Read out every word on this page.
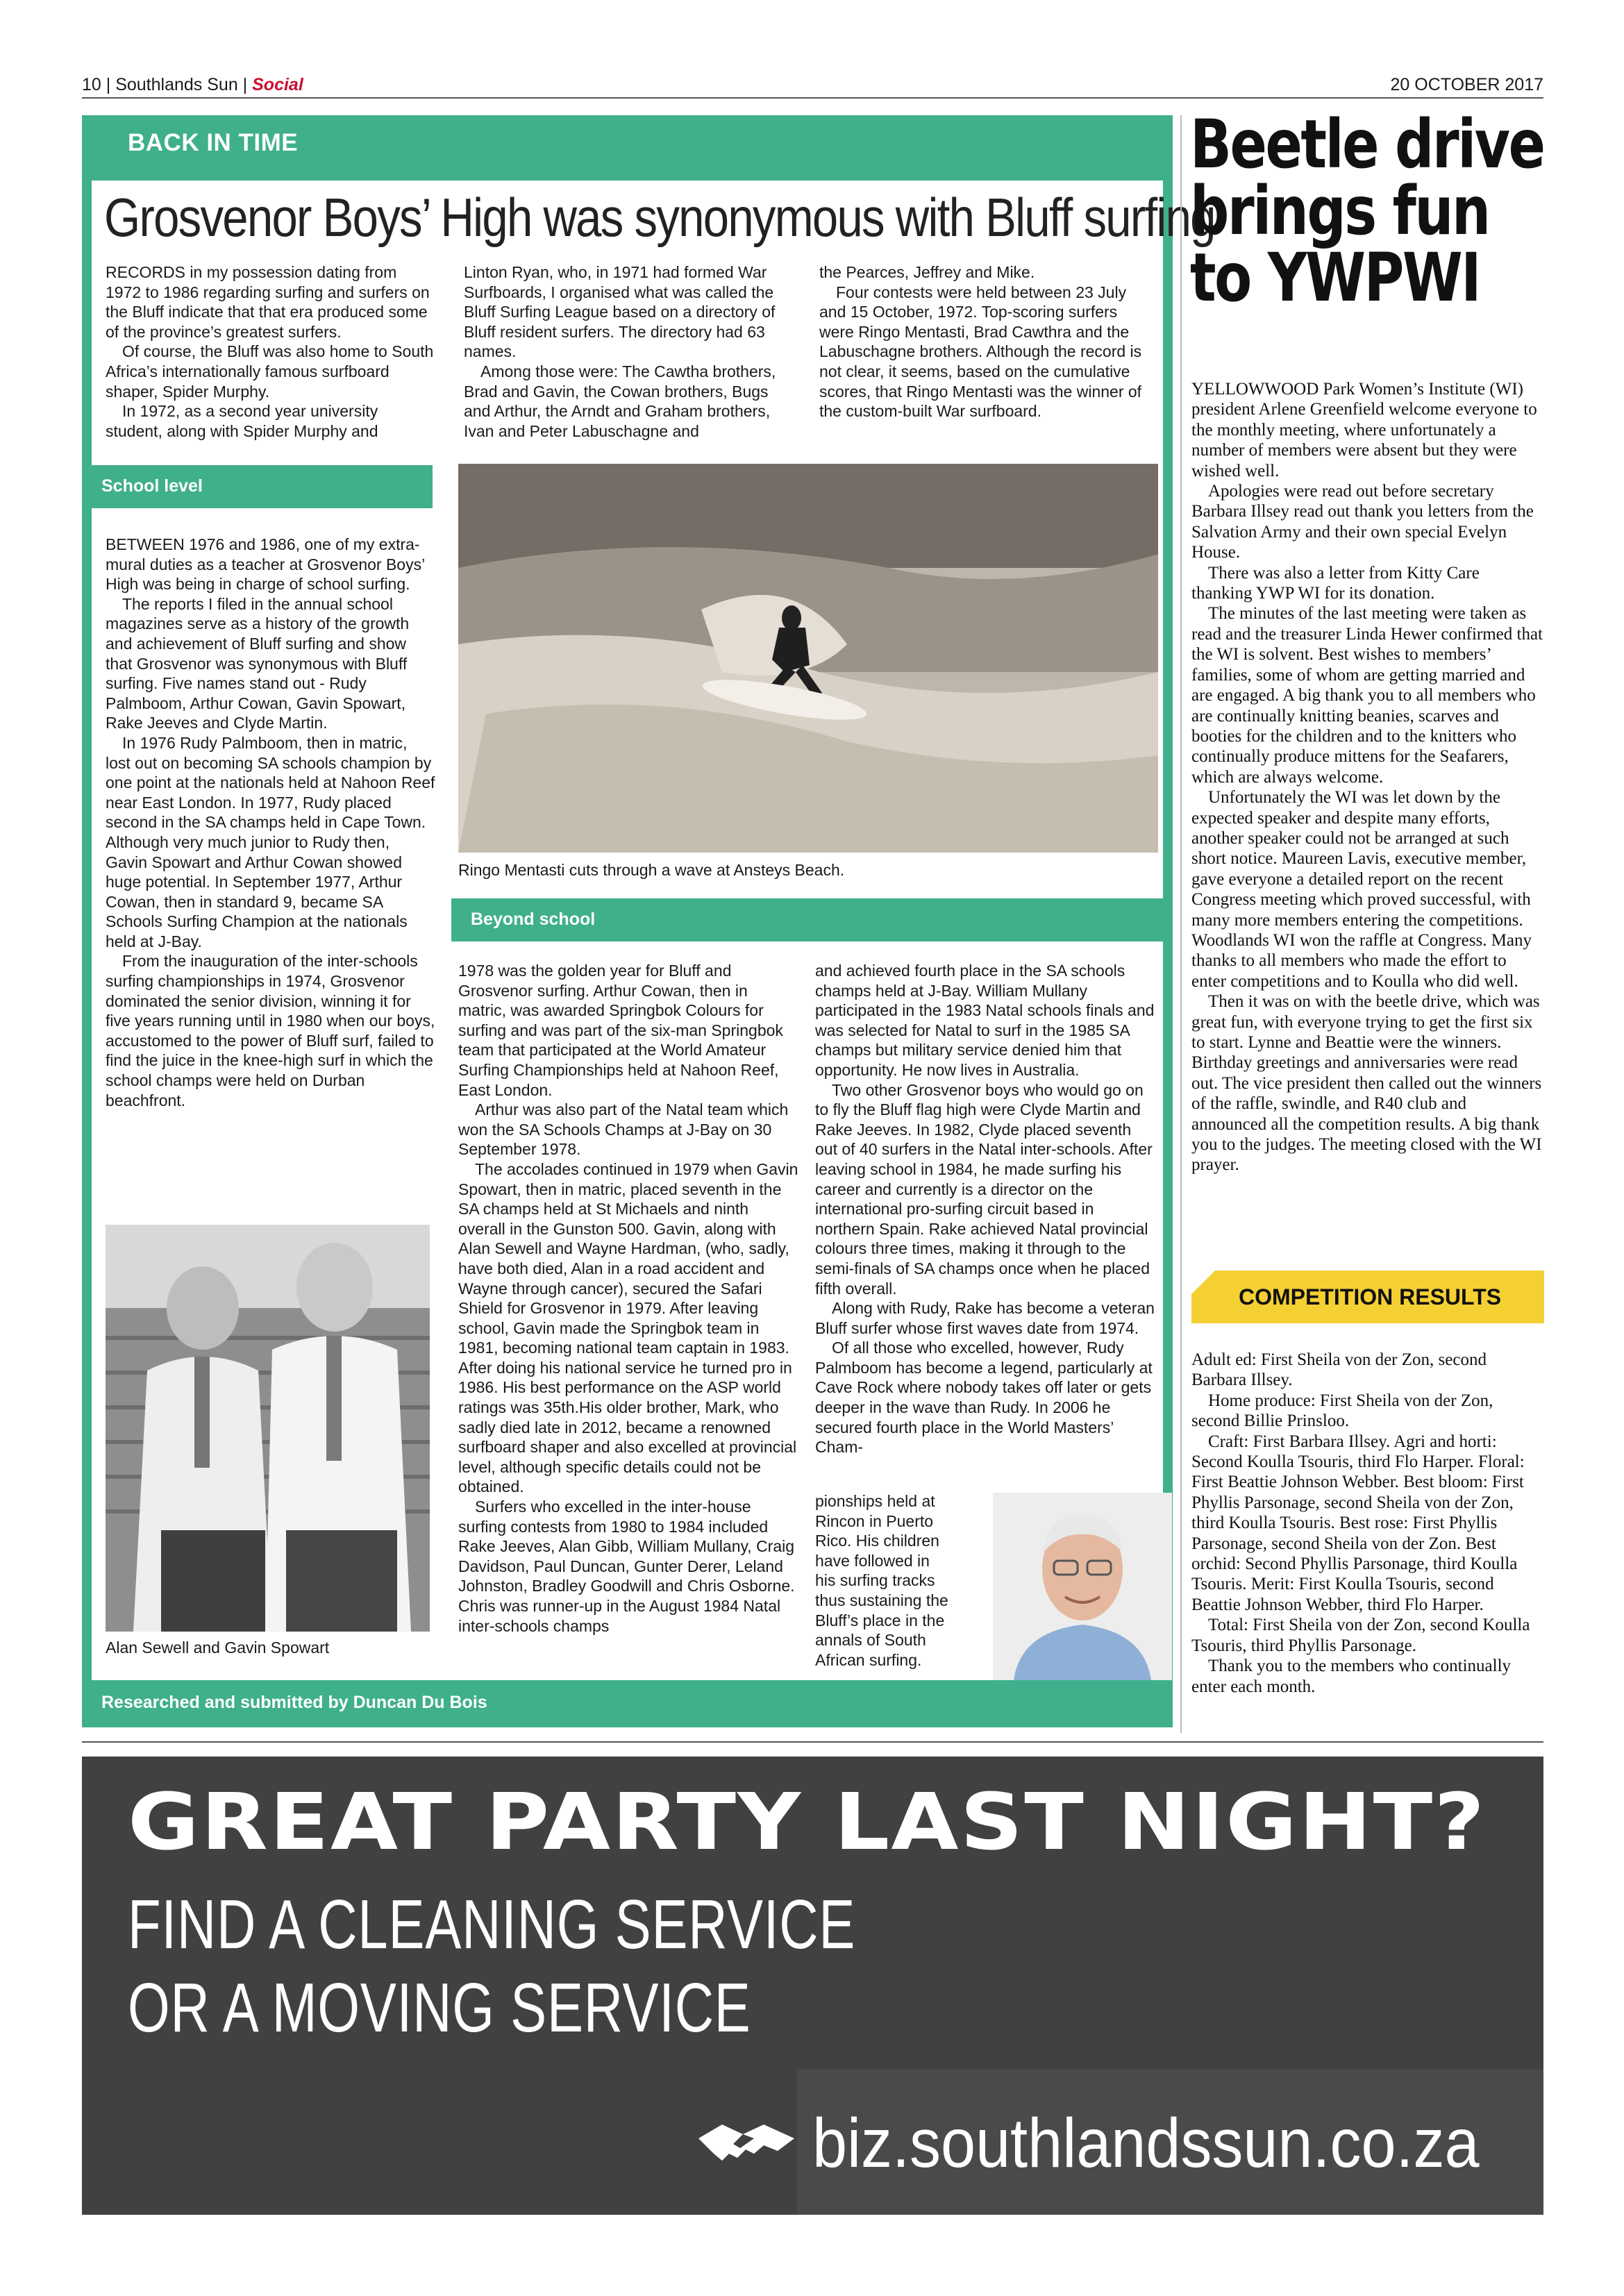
10 | Southlands Sun | Social	20 OCTOBER 2017
BACK IN TIME
Grosvenor Boys’ High was synonymous with Bluff surfing

RECORDS in my possession dating from 1972 to 1986 regarding surfing and surfers on the Bluff indicate that that era produced some of the province’s greatest surfers.

Of course, the Bluff was also home to South Africa’s internationally famous surfboard shaper, Spider Murphy.

In 1972, as a second year university student, along with Spider Murphy and

Linton Ryan, who, in 1971 had formed War Surfboards, I organised what was called the Bluff Surfing League based on a directory of Bluff resident surfers. The directory had 63 names.

Among those were: The Cawtha brothers, Brad and Gavin, the Cowan brothers, Bugs and Arthur, the Arndt and Graham brothers, Ivan and Peter Labuschagne and

the Pearces, Jeffrey and Mike.

Four contests were held between 23 July and 15 October, 1972. Top-scoring surfers were Ringo Mentasti, Brad Cawthra and the Labuschagne brothers. Although the record is not clear, it seems, based on the cumulative scores, that Ringo Mentasti was the winner of the custom-built War surfboard.

School level

BETWEEN 1976 and 1986, one of my extra-mural duties as a teacher at Grosvenor Boys’ High was being in charge of school surfing.

The reports I filed in the annual school magazines serve as a history of the growth and achievement of Bluff surfing and show that Grosvenor was synonymous with Bluff surfing. Five names stand out - Rudy Palmboom, Arthur Cowan, Gavin Spowart, Rake Jeeves and Clyde Martin.

In 1976 Rudy Palmboom, then in matric, lost out on becoming SA schools champion by one point at the nationals held at Nahoon Reef near East London. In 1977, Rudy placed second in the SA champs held in Cape Town. Although very much junior to Rudy then, Gavin Spowart and Arthur Cowan showed huge potential. In September 1977, Arthur Cowan, then in standard 9, became SA Schools Surfing Champion at the nationals held at J-Bay.

From the inauguration of the inter-schools surfing championships in 1974, Grosvenor dominated the senior division, winning it for five years running until in 1980 when our boys, accustomed to the power of Bluff surf, failed to find the juice in the knee-high surf in which the school champs were held on Durban beachfront.

Alan Sewell and Gavin Spowart
Ringo Mentasti cuts through a wave at Ansteys Beach.
Beyond school

1978 was the golden year for Bluff and Grosvenor surfing. Arthur Cowan, then in matric, was awarded Springbok Colours for surfing and was part of the six-man Springbok team that participated at the World Amateur Surfing Championships held at Nahoon Reef, East London.

Arthur was also part of the Natal team which won the SA Schools Champs at J-Bay on 30 September 1978.

The accolades continued in 1979 when Gavin Spowart, then in matric, placed seventh in the SA champs held at St Michaels and ninth overall in the Gunston 500. Gavin, along with Alan Sewell and Wayne Hardman, (who, sadly, have both died, Alan in a road accident and Wayne through cancer), secured the Safari Shield for Grosvenor in 1979. After leaving school, Gavin made the Springbok team in 1981, becoming national team captain in 1983. After doing his national service he turned pro in 1986. His best performance on the ASP world ratings was 35th.His older brother, Mark, who sadly died late in 2012, became a renowned surfboard shaper and also excelled at provincial level, although specific details could not be obtained.

Surfers who excelled in the inter-house surfing contests from 1980 to 1984 included Rake Jeeves, Alan Gibb, William Mullany, Craig Davidson, Paul Duncan, Gunter Derer, Leland Johnston, Bradley Goodwill and Chris Osborne. Chris was runner-up in the August 1984 Natal inter-schools champs

and achieved fourth place in the SA schools champs held at J-Bay. William Mullany participated in the 1983 Natal schools finals and was selected for Natal to surf in the 1985 SA champs but military service denied him that opportunity. He now lives in Australia.

Two other Grosvenor boys who would go on to fly the Bluff flag high were Clyde Martin and Rake Jeeves. In 1982, Clyde placed seventh out of 40 surfers in the Natal inter-schools. After leaving school in 1984, he made surfing his career and currently is a director on the international pro-surfing circuit based in northern Spain. Rake achieved Natal provincial colours three times, making it through to the semi-finals of SA champs once when he placed fifth overall.

Along with Rudy, Rake has become a veteran Bluff surfer whose first waves date from 1974.

Of all those who excelled, however, Rudy Palmboom has become a legend, particularly at Cave Rock where nobody takes off later or gets deeper in the wave than Rudy. In 2006 he secured fourth place in the World Masters’ Cham-

pionships held at
Rincon in Puerto
Rico. His children
have followed in
his surfing tracks
thus sustaining the
Bluff’s place in the
annals of South
African surfing.
Researched and submitted by Duncan Du Bois
Beetle drive
brings fun
to YWPWI

YELLOWWOOD Park Women’s Institute (WI) president Arlene Greenfield welcome everyone to the monthly meeting, where unfortunately a number of members were absent but they were wished well.

Apologies were read out before secretary Barbara Illsey read out thank you letters from the Salvation Army and their own special Evelyn House.

There was also a letter from Kitty Care thanking YWP WI for its donation.

The minutes of the last meeting were taken as read and the treasurer Linda Hewer confirmed that the WI is solvent. Best wishes to members’ families, some of whom are getting married and are engaged. A big thank you to all members who are continually knitting beanies, scarves and booties for the children and to the knitters who continually produce mittens for the Seafarers, which are always welcome.

Unfortunately the WI was let down by the expected speaker and despite many efforts, another speaker could not be arranged at such short notice. Maureen Lavis, executive member, gave everyone a detailed report on the recent Congress meeting which proved successful, with many more members entering the competitions. Woodlands WI won the raffle at Congress. Many thanks to all members who made the effort to enter competitions and to Koulla who did well.

Then it was on with the beetle drive, which was great fun, with everyone trying to get the first six to start. Lynne and Beattie were the winners. Birthday greetings and anniversaries were read out. The vice president then called out the winners of the raffle, swindle, and R40 club and announced all the competition results. A big thank you to the judges. The meeting closed with the WI prayer.

COMPETITION RESULTS

Adult ed: First Sheila von der Zon, second Barbara Illsey.

Home produce: First Sheila von der Zon, second Billie Prinsloo.

Craft: First Barbara Illsey. Agri and horti: Second Koulla Tsouris, third Flo Harper. Floral: First Beattie Johnson Webber. Best bloom: First Phyllis Parsonage, second Sheila von der Zon, third Koulla Tsouris. Best rose: First Phyllis Parsonage, second Sheila von der Zon. Best orchid: Second Phyllis Parsonage, third Koulla Tsouris. Merit: First Koulla Tsouris, second Beattie Johnson Webber, third Flo Harper.

Total: First Sheila von der Zon, second Koulla Tsouris, third Phyllis Parsonage.

Thank you to the members who continually enter each month.

GREAT PARTY LAST NIGHT?
FIND A CLEANING SERVICE
OR A MOVING SERVICE
biz.southlandssun.co.za
